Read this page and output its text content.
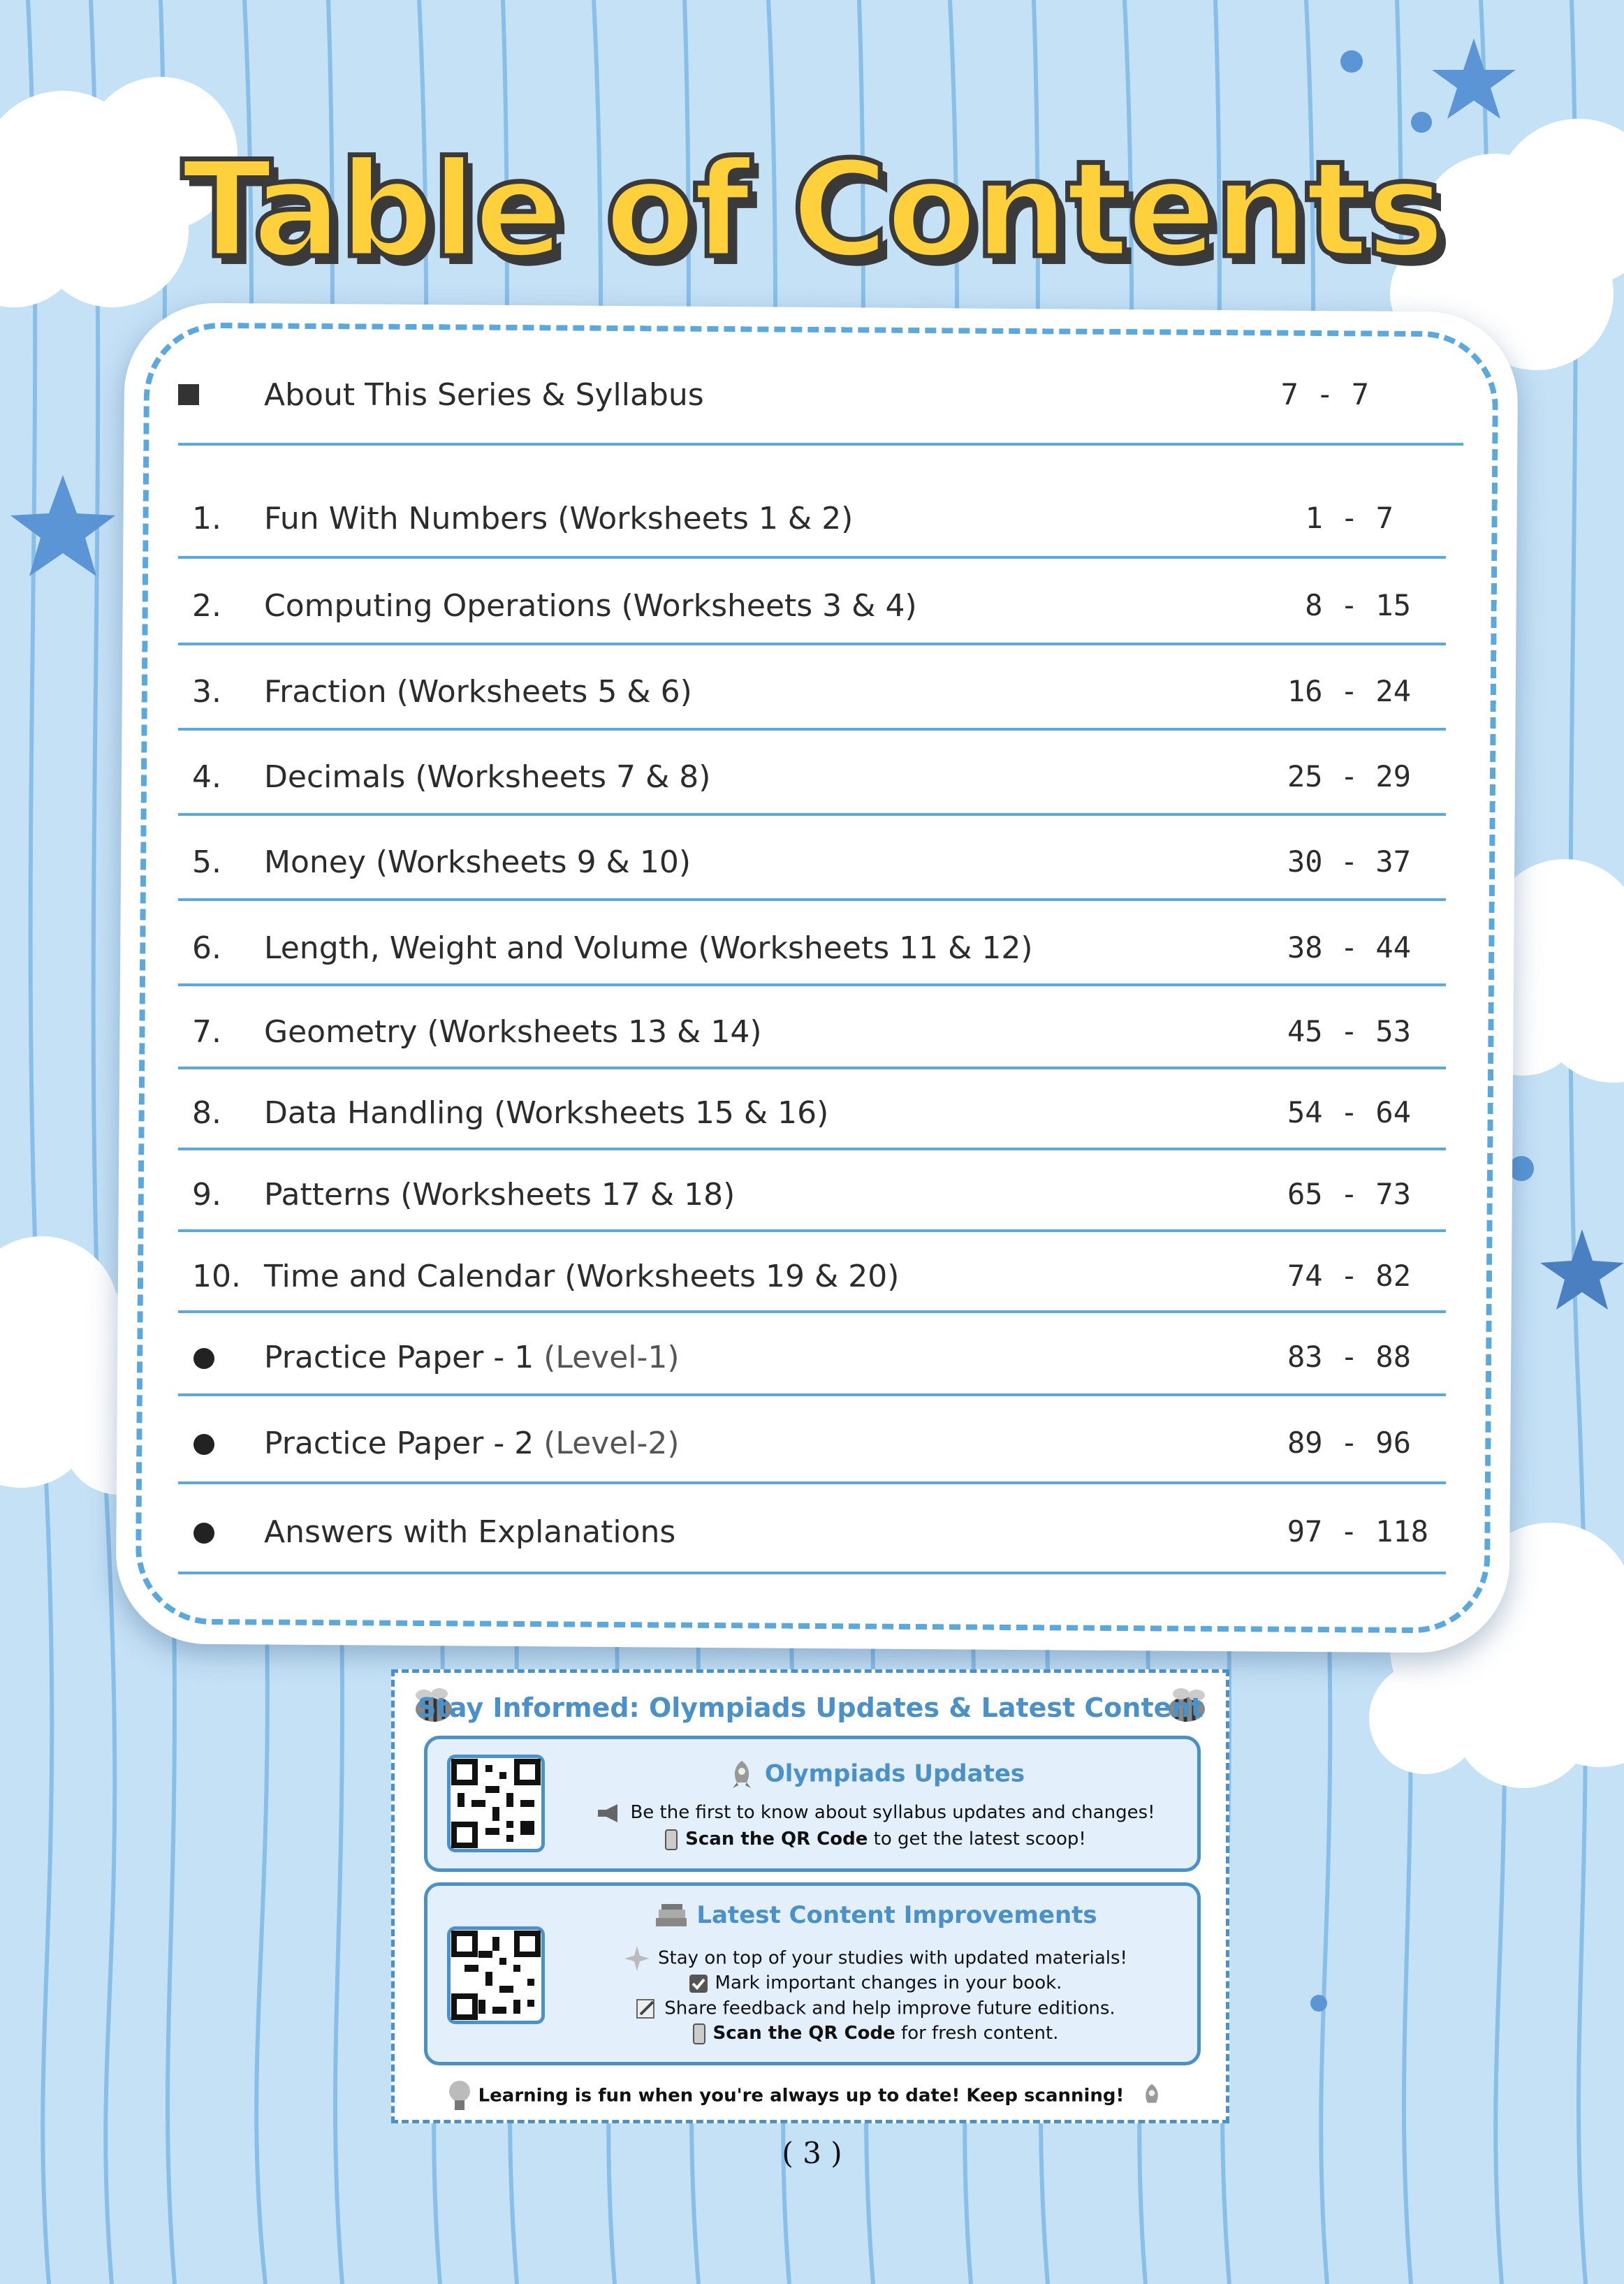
Table of Contents
About This Series & Syllabus	7 - 7
1. Fun With Numbers (Worksheets 1 & 2)	1 - 7
2. Computing Operations (Worksheets 3 & 4)	8 - 15
3. Fraction (Worksheets 5 & 6)	16 - 24
4. Decimals (Worksheets 7 & 8)	25 - 29
5. Money (Worksheets 9 & 10)	30 - 37
6. Length, Weight and Volume (Worksheets 11 & 12)	38 - 44
7. Geometry (Worksheets 13 & 14)	45 - 53
8. Data Handling (Worksheets 15 & 16)	54 - 64
9. Patterns (Worksheets 17 & 18)	65 - 73
10. Time and Calendar (Worksheets 19 & 20)	74 - 82
Practice Paper - 1 (Level-1)	83 - 88
Practice Paper - 2 (Level-2)	89 - 96
Answers with Explanations	97 - 118
Stay Informed: Olympiads Updates & Latest Content
Olympiads Updates
Be the first to know about syllabus updates and changes!
Scan the QR Code to get the latest scoop!
Latest Content Improvements
Stay on top of your studies with updated materials!
Mark important changes in your book.
Share feedback and help improve future editions.
Scan the QR Code for fresh content.
Learning is fun when you're always up to date! Keep scanning!
( 3 )
